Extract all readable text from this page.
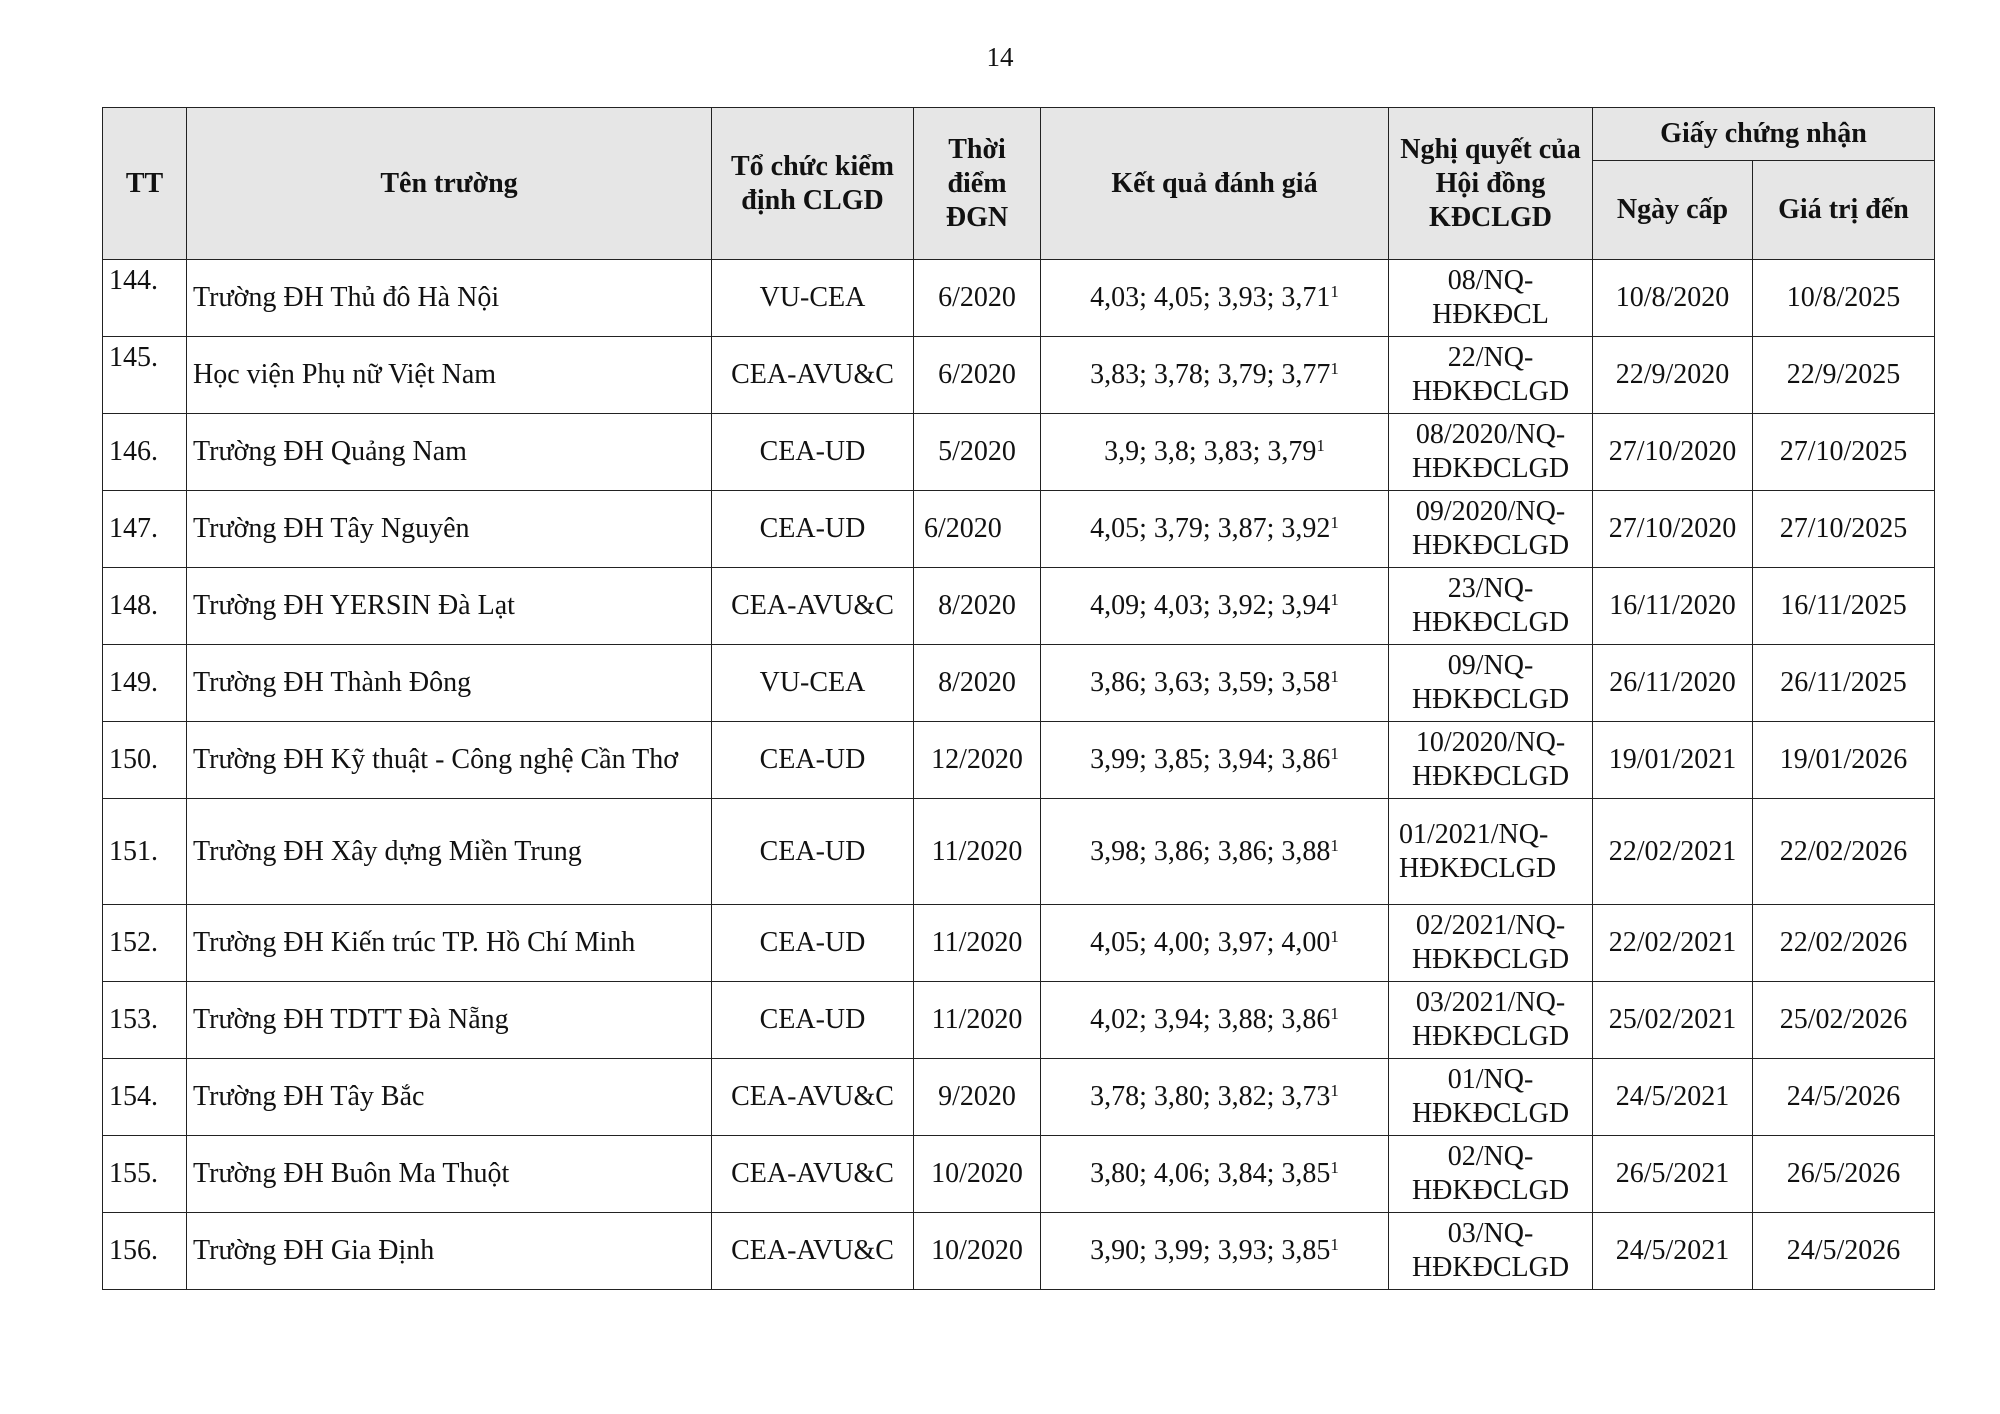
14
TT	Tên trường	Tổ chức kiểm định CLGD	Thời điểm ĐGN	Kết quả đánh giá	Nghị quyết của Hội đồng KĐCLGD	Giấy chứng nhận	
						Ngày cấp	Giá trị đến
144.	Trường ĐH Thủ đô Hà Nội	VU-CEA	6/2020	4,03; 4,05; 3,93; 3,71$^1$	08/NQ-HĐKĐCL	10/8/2020	10/8/2025
145.	Học viện Phụ nữ Việt Nam	CEA-AVU&C	6/2020	3,83; 3,78; 3,79; 3,77$^1$	22/NQ-HĐKĐCLGD	22/9/2020	22/9/2025
146.	Trường ĐH Quảng Nam	CEA-UD	5/2020	3,9; 3,8; 3,83; 3,79$^1$	08/2020/NQ-HĐKĐCLGD	27/10/2020	27/10/2025
147.	Trường ĐH Tây Nguyên	CEA-UD	6/2020	4,05; 3,79; 3,87; 3,92$^1$	09/2020/NQ-HĐKĐCLGD	27/10/2020	27/10/2025
148.	Trường ĐH YERSIN Đà Lạt	CEA-AVU&C	8/2020	4,09; 4,03; 3,92; 3,94$^1$	23/NQ-HĐKĐCLGD	16/11/2020	16/11/2025
149.	Trường ĐH Thành Đông	VU-CEA	8/2020	3,86; 3,63; 3,59; 3,58$^1$	09/NQ-HĐKĐCLGD	26/11/2020	26/11/2025
150.	Trường ĐH Kỹ thuật - Công nghệ Cần Thơ	CEA-UD	12/2020	3,99; 3,85; 3,94; 3,86$^1$	10/2020/NQ-HĐKĐCLGD	19/01/2021	19/01/2026
151.	Trường ĐH Xây dựng Miền Trung	CEA-UD	11/2020	3,98; 3,86; 3,86; 3,88$^1$	01/2021/NQ-HĐKĐCLGD	22/02/2021	22/02/2026
152.	Trường ĐH Kiến trúc TP. Hồ Chí Minh	CEA-UD	11/2020	4,05; 4,00; 3,97; 4,00$^1$	02/2021/NQ-HĐKĐCLGD	22/02/2021	22/02/2026
153.	Trường ĐH TDTT Đà Nẵng	CEA-UD	11/2020	4,02; 3,94; 3,88; 3,86$^1$	03/2021/NQ-HĐKĐCLGD	25/02/2021	25/02/2026
154.	Trường ĐH Tây Bắc	CEA-AVU&C	9/2020	3,78; 3,80; 3,82; 3,73$^1$	01/NQ-HĐKĐCLGD	24/5/2021	24/5/2026
155.	Trường ĐH Buôn Ma Thuột	CEA-AVU&C	10/2020	3,80; 4,06; 3,84; 3,85$^1$	02/NQ-HĐKĐCLGD	26/5/2021	26/5/2026
156.	Trường ĐH Gia Định	CEA-AVU&C	10/2020	3,90; 3,99; 3,93; 3,85$^1$	03/NQ-HĐKĐCLGD	24/5/2021	24/5/2026
